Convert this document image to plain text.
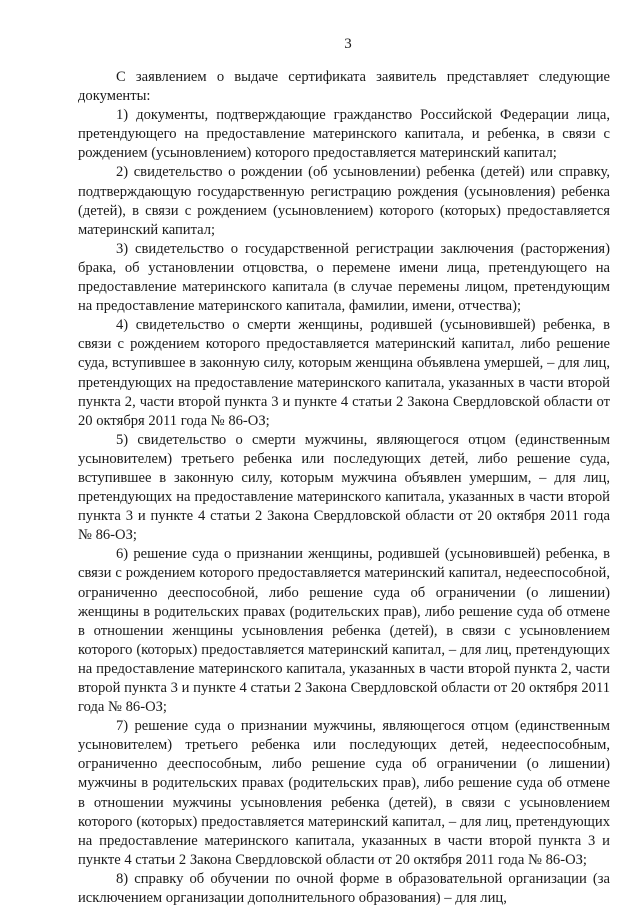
3

С заявлением о выдаче сертификата заявитель представляет следующие документы:

1) документы, подтверждающие гражданство Российской Федерации лица, претендующего на предоставление материнского капитала, и ребенка, в связи с рождением (усыновлением) которого предоставляется материнский капитал;

2) свидетельство о рождении (об усыновлении) ребенка (детей) или справку, подтверждающую государственную регистрацию рождения (усыновления) ребенка (детей), в связи с рождением (усыновлением) которого (которых) предоставляется материнский капитал;

3) свидетельство о государственной регистрации заключения (расторжения) брака, об установлении отцовства, о перемене имени лица, претендующего на предоставление материнского капитала (в случае перемены лицом, претендующим на предоставление материнского капитала, фамилии, имени, отчества);

4) свидетельство о смерти женщины, родившей (усыновившей) ребенка, в связи с рождением которого предоставляется материнский капитал, либо решение суда, вступившее в законную силу, которым женщина объявлена умершей, – для лиц, претендующих на предоставление материнского капитала, указанных в части второй пункта 2, части второй пункта 3 и пункте 4 статьи 2 Закона Свердловской области от 20 октября 2011 года № 86-ОЗ;

5) свидетельство о смерти мужчины, являющегося отцом (единственным усыновителем) третьего ребенка или последующих детей, либо решение суда, вступившее в законную силу, которым мужчина объявлен умершим, – для лиц, претендующих на предоставление материнского капитала, указанных в части второй пункта 3 и пункте 4 статьи 2 Закона Свердловской области от 20 октября 2011 года № 86-ОЗ;

6) решение суда о признании женщины, родившей (усыновившей) ребенка, в связи с рождением которого предоставляется материнский капитал, недееспособной, ограниченно дееспособной, либо решение суда об ограничении (о лишении) женщины в родительских правах (родительских прав), либо решение суда об отмене в отношении женщины усыновления ребенка (детей), в связи с усыновлением которого (которых) предоставляется материнский капитал, – для лиц, претендующих на предоставление материнского капитала, указанных в части второй пункта 2, части второй пункта 3 и пункте 4 статьи 2 Закона Свердловской области от 20 октября 2011 года № 86-ОЗ;

7) решение суда о признании мужчины, являющегося отцом (единственным усыновителем) третьего ребенка или последующих детей, недееспособным, ограниченно дееспособным, либо решение суда об ограничении (о лишении) мужчины в родительских правах (родительских прав), либо решение суда об отмене в отношении мужчины усыновления ребенка (детей), в связи с усыновлением которого (которых) предоставляется материнский капитал, – для лиц, претендующих на предоставление материнского капитала, указанных в части второй пункта 3 и пункте 4 статьи 2 Закона Свердловской области от 20 октября 2011 года № 86-ОЗ;

8) справку об обучении по очной форме в образовательной организации (за исключением организации дополнительного образования) – для лиц,
